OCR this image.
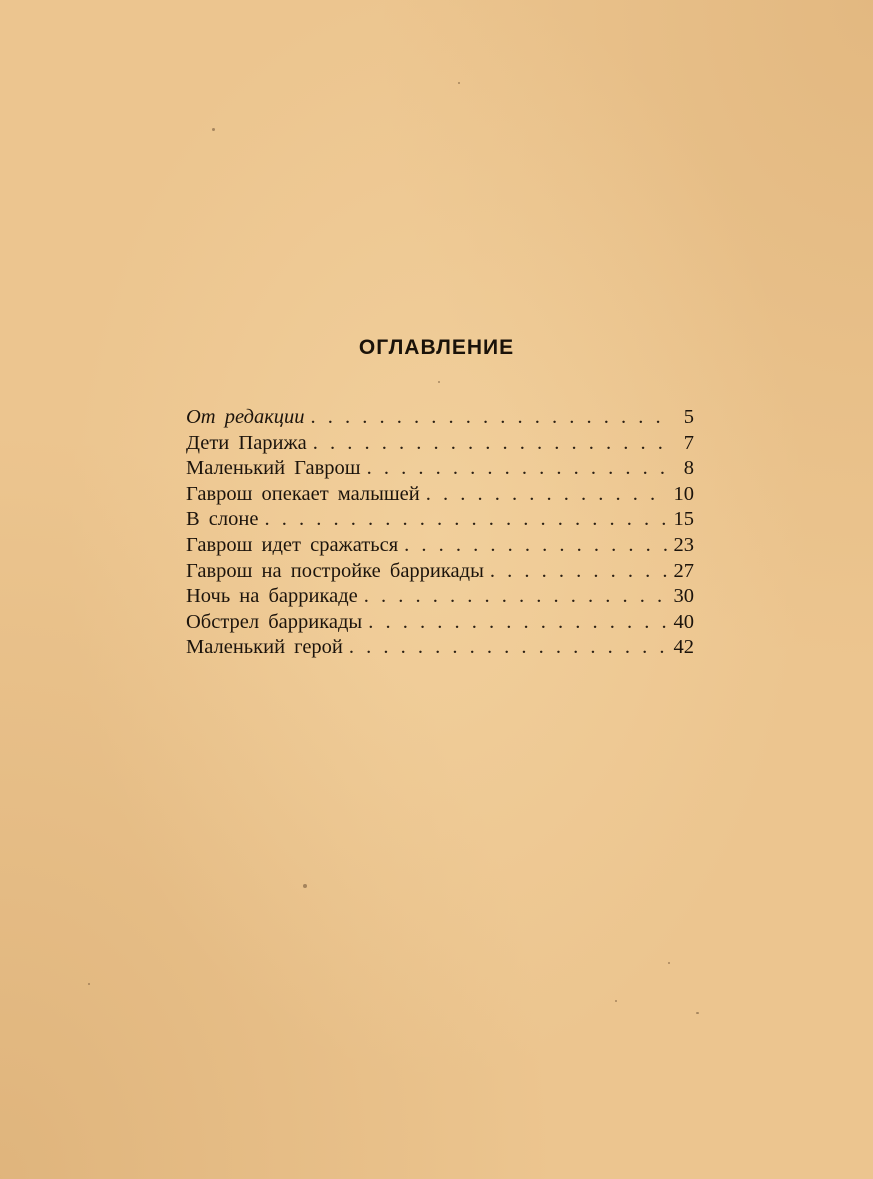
ОГЛАВЛЕНИЕ
От редакции . . .	5
Дети Парижа . . .	7
Маленький Гаврош . . .	8
Гаврош опекает малышей . . .	10
В слоне . . .	15
Гаврош идет сражаться . . .	23
Гаврош на постройке баррикады . . .	27
Ночь на баррикаде . . .	30
Обстрел баррикады . . .	40
Маленький герой . . .	42
